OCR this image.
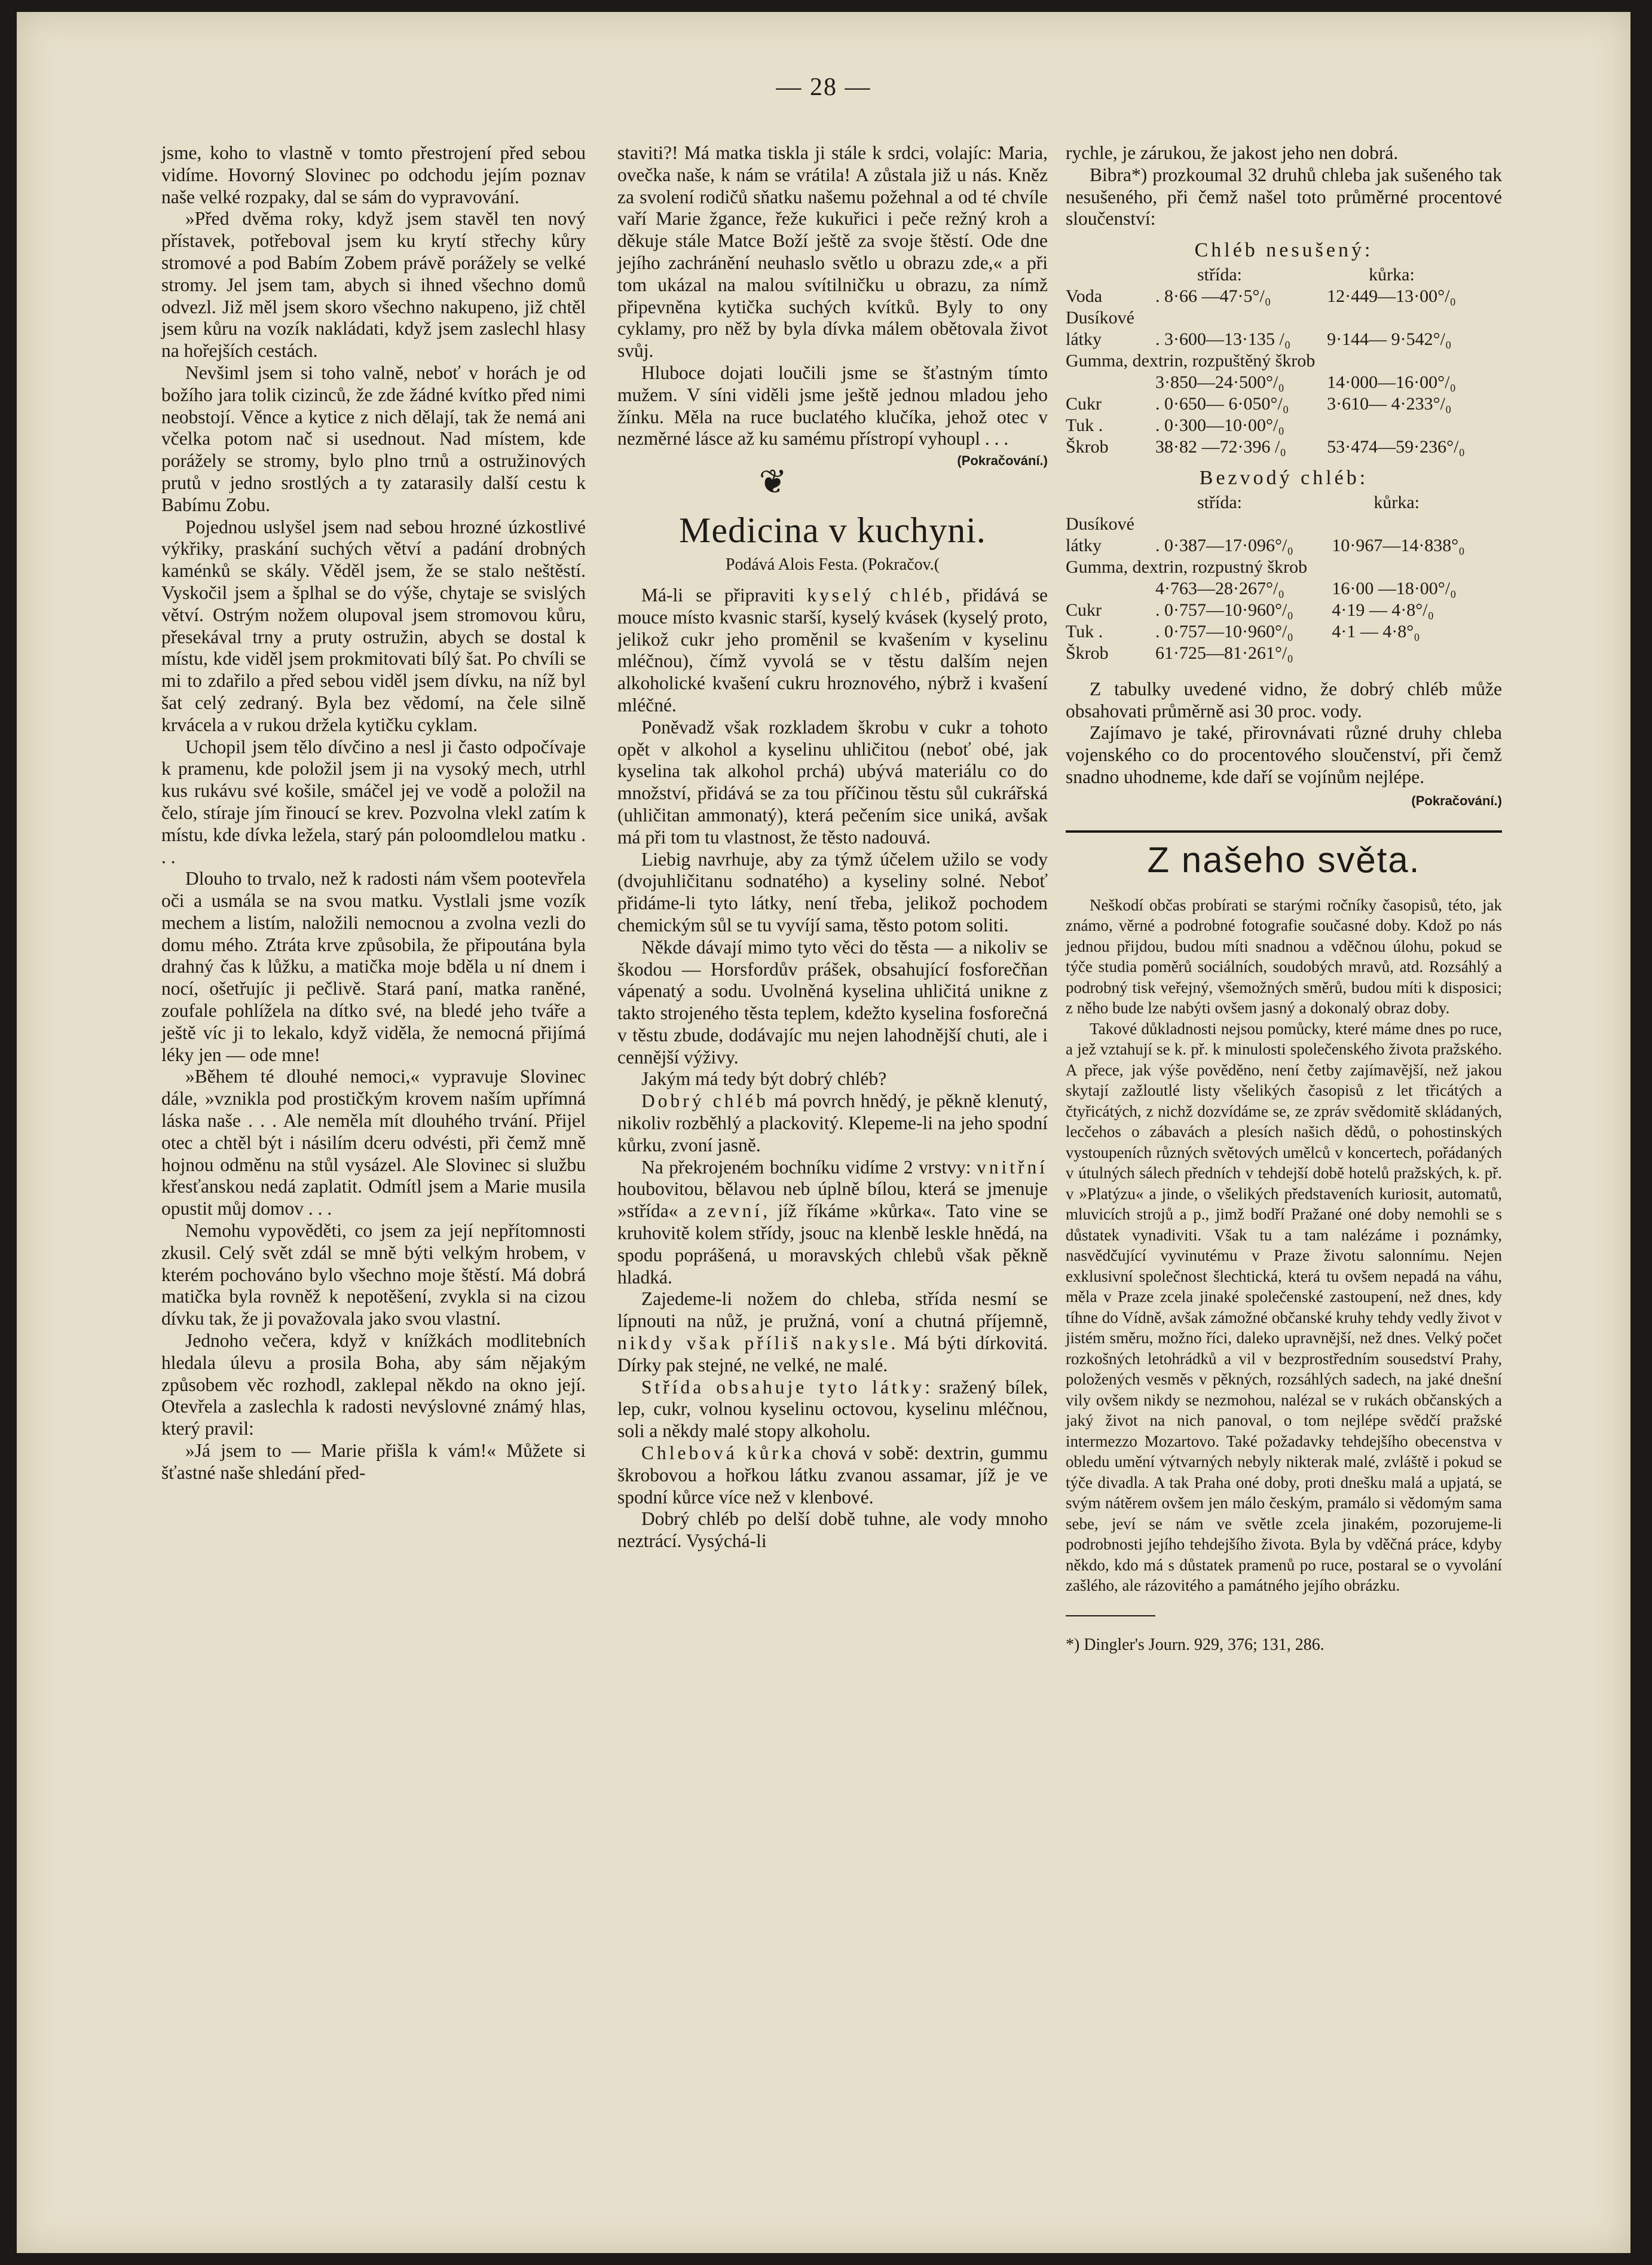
— 28 —

jsme, koho to vlastně v tomto přestrojení před sebou vidíme. Hovorný Slovinec po odchodu jejím poznav naše velké rozpaky, dal se sám do vypravování.

»Před dvěma roky, když jsem stavěl ten nový přístavek, potřeboval jsem ku krytí střechy kůry stromové a pod Babím Zobem právě porážely se velké stromy. Jel jsem tam, abych si ihned všechno domů odvezl. Již měl jsem skoro všechno nakupeno, již chtěl jsem kůru na vozík nakládati, když jsem zaslechl hlasy na hořejších cestách.

Nevšiml jsem si toho valně, neboť v horách je od božího jara tolik cizinců, že zde žádné kvítko před nimi neobstojí. Věnce a kytice z nich dělají, tak že nemá ani včelka potom nač si usednout. Nad místem, kde porážely se stromy, bylo plno trnů a ostružinových prutů v jedno srostlých a ty zatarasily další cestu k Babímu Zobu.

Pojednou uslyšel jsem nad sebou hrozné úzkostlivé výkřiky, praskání suchých větví a padání drobných kaménků se skály. Věděl jsem, že se stalo neštěstí. Vyskočil jsem a šplhal se do výše, chytaje se svislých větví. Ostrým nožem olupoval jsem stromovou kůru, přesekával trny a pruty ostružin, abych se dostal k místu, kde viděl jsem prokmitovati bílý šat. Po chvíli se mi to zdařilo a před sebou viděl jsem dívku, na níž byl šat celý zedraný. Byla bez vědomí, na čele silně krvácela a v rukou držela kytičku cyklam.

Uchopil jsem tělo dívčino a nesl ji často odpočívaje k pramenu, kde položil jsem ji na vysoký mech, utrhl kus rukávu své košile, smáčel jej ve vodě a položil na čelo, stíraje jím řinoucí se krev. Pozvolna vlekl zatím k místu, kde dívka ležela, starý pán poloomdlelou matku . . .

Dlouho to trvalo, než k radosti nám všem pootevřela oči a usmála se na svou matku. Vystlali jsme vozík mechem a listím, naložili nemocnou a zvolna vezli do domu mého. Ztráta krve způsobila, že připoutána byla drahný čas k lůžku, a matička moje bděla u ní dnem i nocí, ošetřujíc ji pečlivě. Stará paní, matka raněné, zoufale pohlížela na dítko své, na bledé jeho tváře a ještě víc ji to lekalo, když viděla, že nemocná přijímá léky jen — ode mne!

»Během té dlouhé nemoci,« vypravuje Slovinec dále, »vznikla pod prostičkým krovem naším upřímná láska naše . . . Ale neměla mít dlouhého trvání. Přijel otec a chtěl být i násilím dceru odvésti, při čemž mně hojnou odměnu na stůl vysázel. Ale Slovinec si službu křesťanskou nedá zaplatit. Odmítl jsem a Marie musila opustit můj domov . . .

Nemohu vypověděti, co jsem za její nepřítomnosti zkusil. Celý svět zdál se mně býti velkým hrobem, v kterém pochováno bylo všechno moje štěstí. Má dobrá matička byla rovněž k nepotěšení, zvykla si na cizou dívku tak, že ji považovala jako svou vlastní.

Jednoho večera, když v knížkách modlitebních hledala úlevu a prosila Boha, aby sám nějakým způsobem věc rozhodl, zaklepal někdo na okno její. Otevřela a zaslechla k radosti nevýslovné známý hlas, který pravil:

»Já jsem to — Marie přišla k vám!« Můžete si šťastné naše shledání před-

staviti?! Má matka tiskla ji stále k srdci, volajíc: Maria, ovečka naše, k nám se vrátila! A zůstala již u nás. Kněz za svolení rodičů sňatku našemu požehnal a od té chvíle vaří Marie žgance, řeže kukuřici i peče režný kroh a děkuje stále Matce Boží ještě za svoje štěstí. Ode dne jejího zachránění neuhaslo světlo u obrazu zde,« a při tom ukázal na malou svítilničku u obrazu, za nímž připevněna kytička suchých kvítků. Byly to ony cyklamy, pro něž by byla dívka málem obětovala život svůj.

Hluboce dojati loučili jsme se šťastným tímto mužem. V síni viděli jsme ještě jednou mladou jeho žínku. Měla na ruce buclatého klučíka, jehož otec v nezměrné lásce až ku samému přístropí vyhoupl . . .
(Pokračování.)

❦
Medicina v kuchyni.
Podává Alois Festa. (Pokračov.(

Má-li se připraviti kyselý chléb, přidává se mouce místo kvasnic starší, kyselý kvásek (kyselý proto, jelikož cukr jeho proměnil se kvašením v kyselinu mléčnou), čímž vyvolá se v těstu dalším nejen alkoholické kvašení cukru hroznového, nýbrž i kvašení mléčné.

Poněvadž však rozkladem škrobu v cukr a tohoto opět v alkohol a kyselinu uhličitou (neboť obé, jak kyselina tak alkohol prchá) ubývá materiálu co do množství, přidává se za tou příčinou těstu sůl cukrářská (uhličitan ammonatý), která pečením sice uniká, avšak má při tom tu vlastnost, že těsto nadouvá.

Liebig navrhuje, aby za týmž účelem užilo se vody (dvojuhličitanu sodnatého) a kyseliny solné. Neboť přidáme-li tyto látky, není třeba, jelikož pochodem chemickým sůl se tu vyvíjí sama, těsto potom soliti.

Někde dávají mimo tyto věci do těsta — a nikoliv se škodou — Horsfordův prášek, obsahující fosforečňan vápenatý a sodu. Uvolněná kyselina uhličitá unikne z takto strojeného těsta teplem, kdežto kyselina fosforečná v těstu zbude, dodávajíc mu nejen lahodnější chuti, ale i cennější výživy.

Jakým má tedy být dobrý chléb?

Dobrý chléb má povrch hnědý, je pěkně klenutý, nikoliv rozběhlý a plackovitý. Klepeme-li na jeho spodní kůrku, zvoní jasně.

Na překrojeném bochníku vidíme 2 vrstvy: vnitřní houbovitou, bělavou neb úplně bílou, která se jmenuje »střída« a zevní, jíž říkáme »kůrka«. Tato vine se kruhovitě kolem střídy, jsouc na klenbě leskle hnědá, na spodu poprášená, u moravských chlebů však pěkně hladká.

Zajedeme-li nožem do chleba, střída nesmí se lípnouti na nůž, je pružná, voní a chutná příjemně, nikdy však příliš nakysle. Má býti dírkovitá. Dírky pak stejné, ne velké, ne malé.

Střída obsahuje tyto látky: sražený bílek, lep, cukr, volnou kyselinu octovou, kyselinu mléčnou, soli a někdy malé stopy alkoholu.

Chlebová kůrka chová v sobě: dextrin, gummu škrobovou a hořkou látku zvanou assamar, jíž je ve spodní kůrce více než v klenbové.

Dobrý chléb po delší době tuhne, ale vody mnoho neztrácí. Vysýchá-li

rychle, je zárukou, že jakost jeho nen dobrá.

Bibra*) prozkoumal 32 druhů chleba jak sušeného tak nesušeného, při čemž našel toto průměrné procentové sloučenství:

Chléb nesušený:
	střída:	kůrka:
Voda	. 8·66 —47·5°/₀	12·449—13·00°/₀
Dusíkové		
látky	. 3·600—13·135 /₀	9·144— 9·542°/₀
Gumma, dextrin, rozpuštěný škrob		
	3·850—24·500°/₀	14·000—16·00°/₀
Cukr	. 0·650— 6·050°/₀	3·610— 4·233°/₀
Tuk .	. 0·300—10·00°/₀	
Škrob	38·82 —72·396 /₀	53·474—59·236°/₀
Bezvodý chléb:
	střída:	kůrka:
Dusíkové		
látky	. 0·387—17·096°/₀	10·967—14·838°₀
Gumma, dextrin, rozpustný škrob		
	4·763—28·267°/₀	16·00 —18·00°/₀
Cukr	. 0·757—10·960°/₀	4·19 — 4·8°/₀
Tuk .	. 0·757—10·960°/₀	4·1 — 4·8°₀
Škrob	61·725—81·261°/₀	

Z tabulky uvedené vidno, že dobrý chléb může obsahovati průměrně asi 30 proc. vody.

Zajímavo je také, přirovnávati různé druhy chleba vojenského co do procentového sloučenství, při čemž snadno uhodneme, kde daří se vojínům nejlépe.

(Pokračování.)
Z našeho světa.

Neškodí občas probírati se starými ročníky časopisů, této, jak známo, věrné a podrobné fotografie současné doby. Kdož po nás jednou přijdou, budou míti snadnou a vděčnou úlohu, pokud se týče studia poměrů sociálních, soudobých mravů, atd. Rozsáhlý a podrobný tisk veřejný, všemožných směrů, budou míti k disposici; z něho bude lze nabýti ovšem jasný a dokonalý obraz doby.

Takové důkladnosti nejsou pomůcky, které máme dnes po ruce, a jež vztahují se k. př. k minulosti společenského života pražského. A přece, jak výše pověděno, není četby zajímavější, než jakou skytají zažloutlé listy všelikých časopisů z let třicátých a čtyřicátých, z nichž dozvídáme se, ze zpráv svědomitě skládaných, lecčehos o zábavách a plesích našich dědů, o pohostinských vystoupeních různých světových umělců v koncertech, pořádaných v útulných sálech předních v tehdejší době hotelů pražských, k. př. v »Platýzu« a jinde, o všelikých představeních kuriosit, automatů, mluvicích strojů a p., jimž bodří Pražané oné doby nemohli se s důstatek vynadiviti. Však tu a tam nalézáme i poznámky, nasvědčující vyvinutému v Praze životu salonnímu. Nejen exklusivní společnost šlechtická, která tu ovšem nepadá na váhu, měla v Praze zcela jinaké společenské zastoupení, než dnes, kdy tíhne do Vídně, avšak zámožné občanské kruhy tehdy vedly život v jistém směru, možno říci, daleko upravnější, než dnes. Velký počet rozkošných letohrádků a vil v bezprostředním sousedství Prahy, položených vesměs v pěkných, rozsáhlých sadech, na jaké dnešní vily ovšem nikdy se nezmohou, nalézal se v rukách občanských a jaký život na nich panoval, o tom nejlépe svědčí pražské intermezzo Mozartovo. Také požadavky tehdejšího obecenstva v obledu umění výtvarných nebyly nikterak malé, zvláště i pokud se týče divadla. A tak Praha oné doby, proti dnešku malá a upjatá, se svým nátěrem ovšem jen málo českým, pramálo si vědomým sama sebe, jeví se nám ve světle zcela jinakém, pozorujeme-li podrobnosti jejího tehdejšího života. Byla by vděčná práce, kdyby někdo, kdo má s důstatek pramenů po ruce, postaral se o vyvolání zašlého, ale rázovitého a památného jejího obrázku.

*) Dingler's Journ. 929, 376; 131, 286.
